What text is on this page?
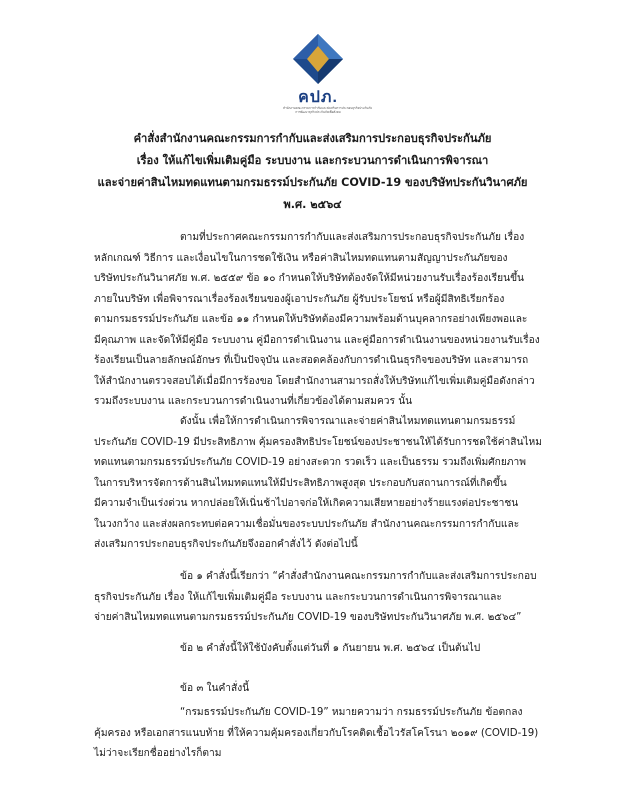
คปภ.
สำนักงานคณะกรรมการกำกับและส่งเสริมการประกอบธุรกิจประกันภัย
การพัฒนาธุรกิจประกันภัยเพื่อสังคม
คำสั่งสำนักงานคณะกรรมการกำกับและส่งเสริมการประกอบธุรกิจประกันภัย
เรื่อง ให้แก้ไขเพิ่มเติมคู่มือ ระบบงาน และกระบวนการดำเนินการพิจารณา
และจ่ายค่าสินไหมทดแทนตามกรมธรรม์ประกันภัย COVID-19 ของบริษัทประกันวินาศภัย
พ.ศ. ๒๕๖๔
ตามที่ประกาศคณะกรรมการกำกับและส่งเสริมการประกอบธุรกิจประกันภัย เรื่อง
หลักเกณฑ์ วิธีการ และเงื่อนไขในการชดใช้เงิน หรือค่าสินไหมทดแทนตามสัญญาประกันภัยของ
บริษัทประกันวินาศภัย พ.ศ. ๒๕๕๙ ข้อ ๑๐ กำหนดให้บริษัทต้องจัดให้มีหน่วยงานรับเรื่องร้องเรียนขึ้น
ภายในบริษัท เพื่อพิจารณาเรื่องร้องเรียนของผู้เอาประกันภัย ผู้รับประโยชน์ หรือผู้มีสิทธิเรียกร้อง
ตามกรมธรรม์ประกันภัย และข้อ ๑๑ กำหนดให้บริษัทต้องมีความพร้อมด้านบุคลากรอย่างเพียงพอและ
มีคุณภาพ และจัดให้มีคู่มือ ระบบงาน คู่มือการดำเนินงาน และคู่มือการดำเนินงานของหน่วยงานรับเรื่อง
ร้องเรียนเป็นลายลักษณ์อักษร ที่เป็นปัจจุบัน และสอดคล้องกับการดำเนินธุรกิจของบริษัท และสามารถ
ให้สำนักงานตรวจสอบได้เมื่อมีการร้องขอ โดยสำนักงานสามารถสั่งให้บริษัทแก้ไขเพิ่มเติมคู่มือดังกล่าว
รวมถึงระบบงาน และกระบวนการดำเนินงานที่เกี่ยวข้องได้ตามสมควร นั้น
ดังนั้น เพื่อให้การดำเนินการพิจารณาและจ่ายค่าสินไหมทดแทนตามกรมธรรม์
ประกันภัย COVID-19 มีประสิทธิภาพ คุ้มครองสิทธิประโยชน์ของประชาชนให้ได้รับการชดใช้ค่าสินไหม
ทดแทนตามกรมธรรม์ประกันภัย COVID-19 อย่างสะดวก รวดเร็ว และเป็นธรรม รวมถึงเพิ่มศักยภาพ
ในการบริหารจัดการด้านสินไหมทดแทนให้มีประสิทธิภาพสูงสุด ประกอบกับสถานการณ์ที่เกิดขึ้น
มีความจำเป็นเร่งด่วน หากปล่อยให้เนิ่นช้าไปอาจก่อให้เกิดความเสียหายอย่างร้ายแรงต่อประชาชน
ในวงกว้าง และส่งผลกระทบต่อความเชื่อมั่นของระบบประกันภัย สำนักงานคณะกรรมการกำกับและ
ส่งเสริมการประกอบธุรกิจประกันภัยจึงออกคำสั่งไว้ ดังต่อไปนี้
ข้อ ๑ คำสั่งนี้เรียกว่า “คำสั่งสำนักงานคณะกรรมการกำกับและส่งเสริมการประกอบ
ธุรกิจประกันภัย เรื่อง ให้แก้ไขเพิ่มเติมคู่มือ ระบบงาน และกระบวนการดำเนินการพิจารณาและ
จ่ายค่าสินไหมทดแทนตามกรมธรรม์ประกันภัย COVID-19 ของบริษัทประกันวินาศภัย พ.ศ. ๒๕๖๔”
ข้อ ๒ คำสั่งนี้ให้ใช้บังคับตั้งแต่วันที่ ๑ กันยายน พ.ศ. ๒๕๖๔ เป็นต้นไป
ข้อ ๓ ในคำสั่งนี้
“กรมธรรม์ประกันภัย COVID-19” หมายความว่า กรมธรรม์ประกันภัย ข้อตกลง
คุ้มครอง หรือเอกสารแนบท้าย ที่ให้ความคุ้มครองเกี่ยวกับโรคติดเชื้อไวรัสโคโรนา ๒๐๑๙ (COVID-19)
ไม่ว่าจะเรียกชื่ออย่างไรก็ตาม
